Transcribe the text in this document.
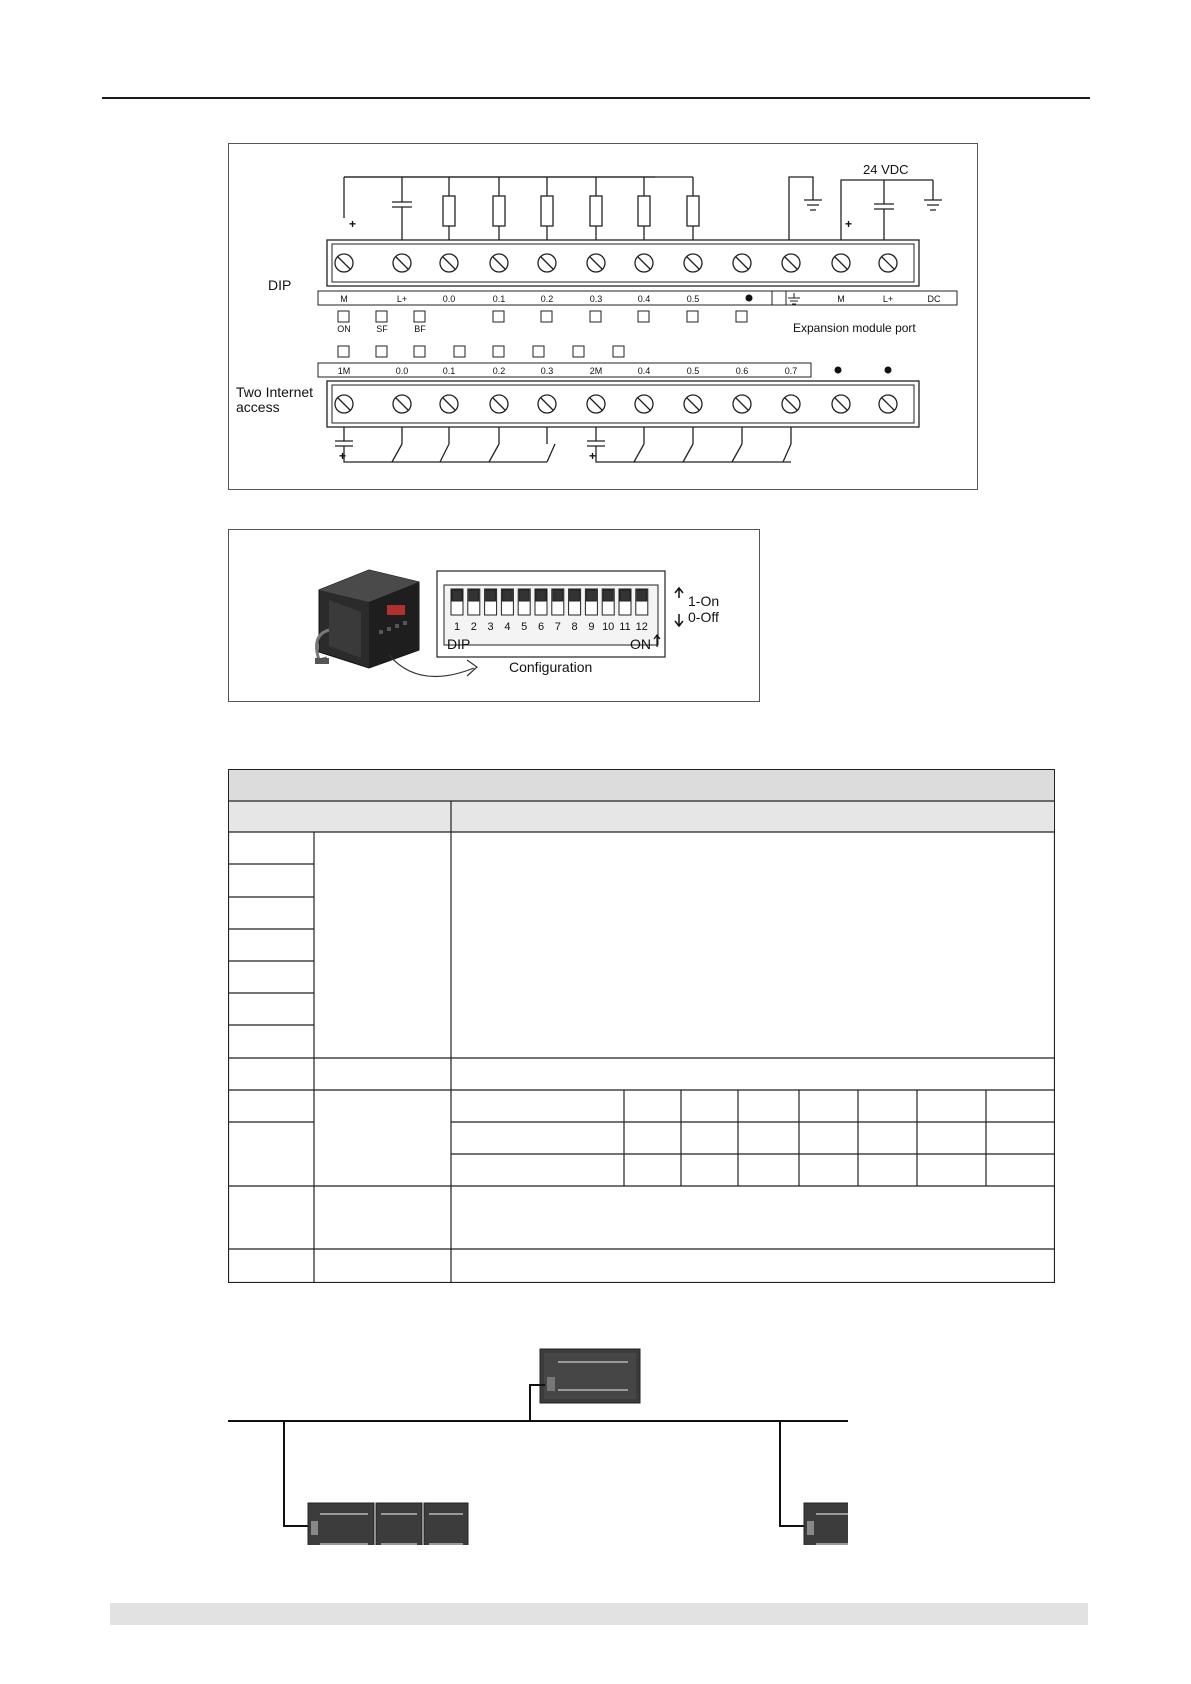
24 VDC
+	+
DIP
M	L+	0.0	0.1	0.2	0.3	0.4	0.5	M	L+	DC
ON	SF	BF	Expansion module port
1M	0.0	0.1	0.2	0.3	2M	0.4	0.5	0.6	0.7
Two Internet
access
+	+
1 2 3 4 5 6 7 8 9 10 11 12
DIP	ON
1-On
0-Off
Configuration
